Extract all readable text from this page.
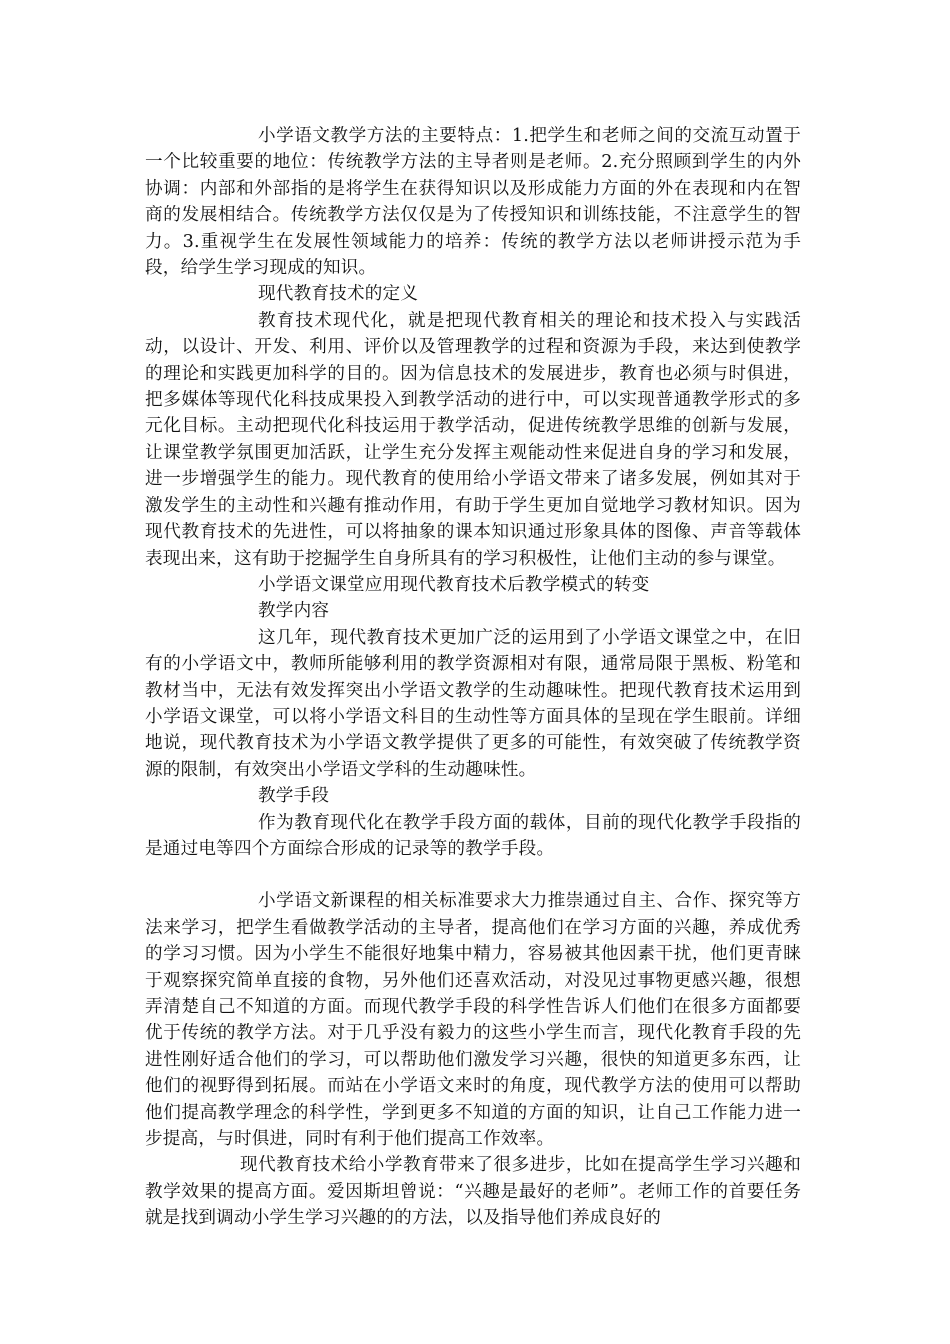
小学语文教学方法的主要特点：1.把学生和老师之间的交流互动置于一个比较重要的地位：传统教学方法的主导者则是老师。2.充分照顾到学生的内外协调：内部和外部指的是将学生在获得知识以及形成能力方面的外在表现和内在智商的发展相结合。传统教学方法仅仅是为了传授知识和训练技能，不注意学生的智力。3.重视学生在发展性领域能力的培养：传统的教学方法以老师讲授示范为手段，给学生学习现成的知识。

现代教育技术的定义

教育技术现代化，就是把现代教育相关的理论和技术投入与实践活动，以设计、开发、利用、评价以及管理教学的过程和资源为手段，来达到使教学的理论和实践更加科学的目的。因为信息技术的发展进步，教育也必须与时俱进，把多媒体等现代化科技成果投入到教学活动的进行中，可以实现普通教学形式的多元化目标。主动把现代化科技运用于教学活动，促进传统教学思维的创新与发展，让课堂教学氛围更加活跃，让学生充分发挥主观能动性来促进自身的学习和发展，进一步增强学生的能力。现代教育的使用给小学语文带来了诸多发展，例如其对于激发学生的主动性和兴趣有推动作用，有助于学生更加自觉地学习教材知识。因为现代教育技术的先进性，可以将抽象的课本知识通过形象具体的图像、声音等载体表现出来，这有助于挖掘学生自身所具有的学习积极性，让他们主动的参与课堂。

小学语文课堂应用现代教育技术后教学模式的转变

教学内容

这几年，现代教育技术更加广泛的运用到了小学语文课堂之中，在旧有的小学语文中，教师所能够利用的教学资源相对有限，通常局限于黑板、粉笔和教材当中，无法有效发挥突出小学语文教学的生动趣味性。把现代教育技术运用到小学语文课堂，可以将小学语文科目的生动性等方面具体的呈现在学生眼前。详细地说，现代教育技术为小学语文教学提供了更多的可能性，有效突破了传统教学资源的限制，有效突出小学语文学科的生动趣味性。

教学手段

作为教育现代化在教学手段方面的载体，目前的现代化教学手段指的是通过电等四个方面综合形成的记录等的教学手段。

小学语文新课程的相关标准要求大力推崇通过自主、合作、探究等方法来学习，把学生看做教学活动的主导者，提高他们在学习方面的兴趣，养成优秀的学习习惯。因为小学生不能很好地集中精力，容易被其他因素干扰，他们更青睐于观察探究简单直接的食物，另外他们还喜欢活动，对没见过事物更感兴趣，很想弄清楚自己不知道的方面。而现代教学手段的科学性告诉人们他们在很多方面都要优于传统的教学方法。对于几乎没有毅力的这些小学生而言，现代化教育手段的先进性刚好适合他们的学习，可以帮助他们激发学习兴趣，很快的知道更多东西，让他们的视野得到拓展。而站在小学语文来时的角度，现代教学方法的使用可以帮助他们提高教学理念的科学性，学到更多不知道的方面的知识，让自己工作能力进一步提高，与时俱进，同时有利于他们提高工作效率。

现代教育技术给小学教育带来了很多进步，比如在提高学生学习兴趣和教学效果的提高方面。爱因斯坦曾说：“兴趣是最好的老师”。老师工作的首要任务就是找到调动小学生学习兴趣的的方法，以及指导他们养成良好的
